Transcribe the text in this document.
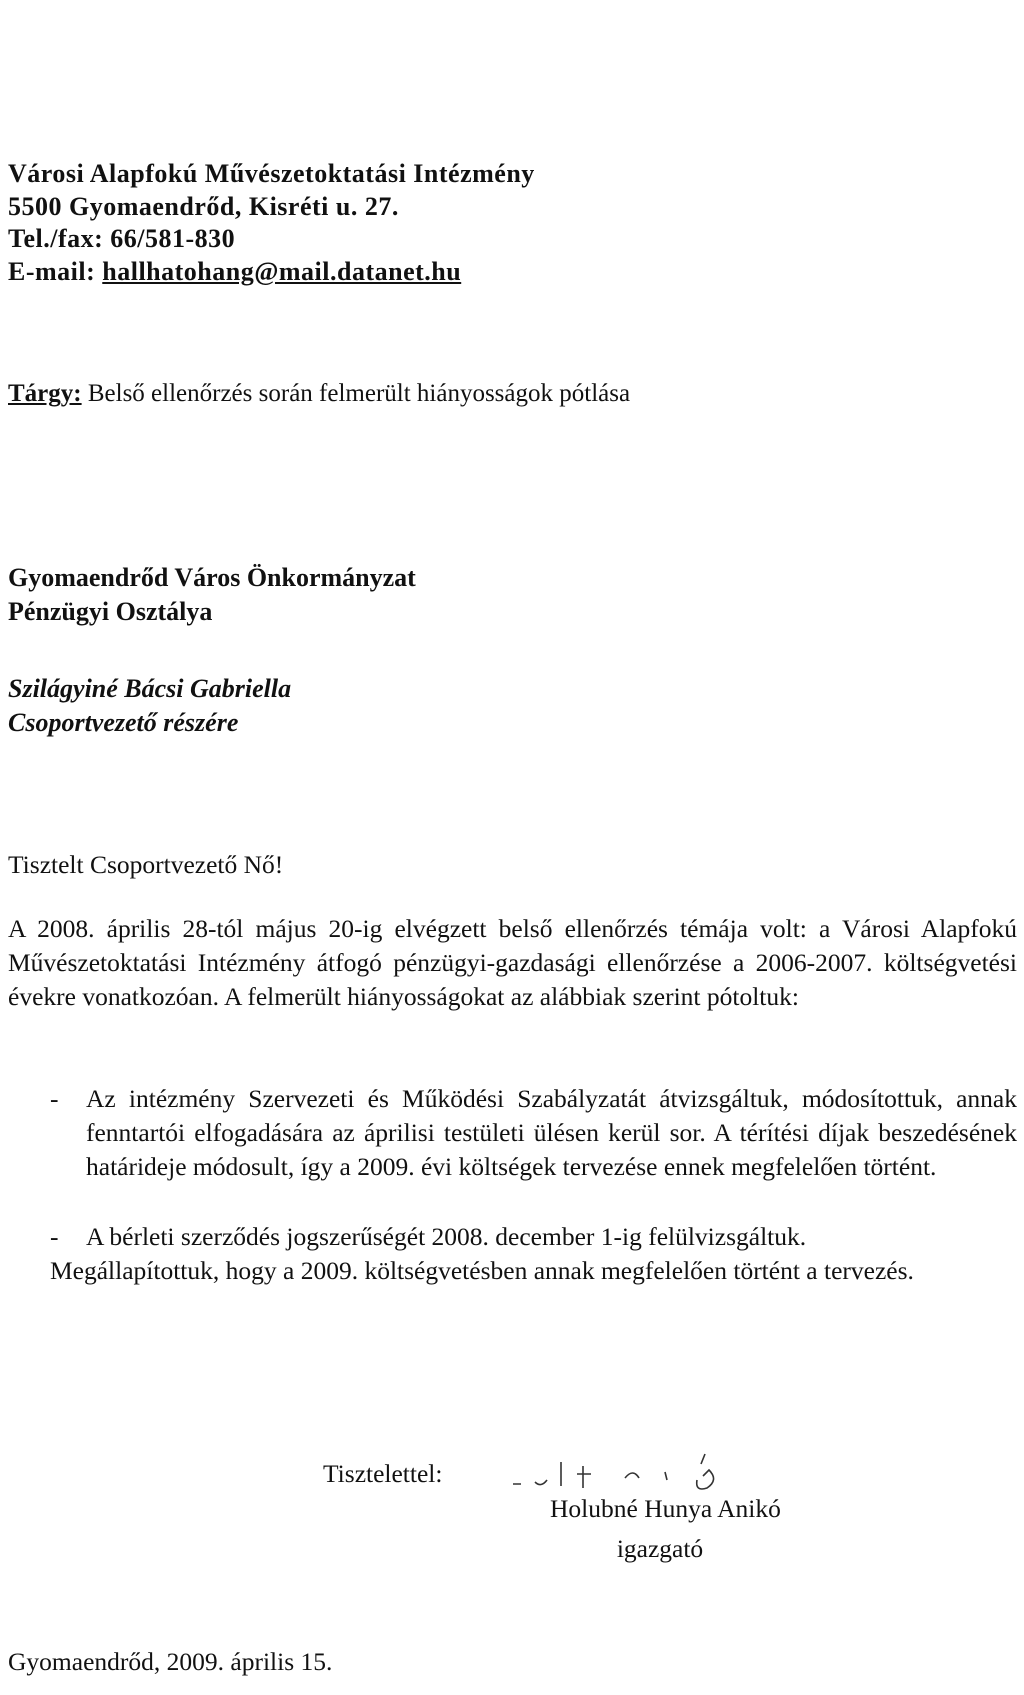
Városi Alapfokú Művészetoktatási Intézmény
5500 Gyomaendrőd, Kisréti u. 27.
Tel./fax: 66/581-830
E-mail: hallhatohang@mail.datanet.hu
Tárgy: Belső ellenőrzés során felmerült hiányosságok pótlása
Gyomaendrőd Város Önkormányzat
Pénzügyi Osztálya
Szilágyiné Bácsi Gabriella
Csoportvezető részére
Tisztelt Csoportvezető Nő!
A 2008. április 28-tól május 20-ig elvégzett belső ellenőrzés témája volt: a Városi Alapfokú Művészetoktatási Intézmény átfogó pénzügyi-gazdasági ellenőrzése a 2006-2007. költségvetési évekre vonatkozóan. A felmerült hiányosságokat az alábbiak szerint pótoltuk:
- Az intézmény Szervezeti és Működési Szabályzatát átvizsgáltuk, módosítottuk, annak fenntartói elfogadására az áprilisi testületi ülésen kerül sor. A térítési díjak beszedésének határideje módosult, így a 2009. évi költségek tervezése ennek megfelelően történt.
- A bérleti szerződés jogszerűségét 2008. december 1-ig felülvizsgáltuk.
Megállapítottuk, hogy a 2009. költségvetésben annak megfelelően történt a tervezés.
Tisztelettel:
Holubné Hunya Anikó
igazgató
Gyomaendrőd, 2009. április 15.
